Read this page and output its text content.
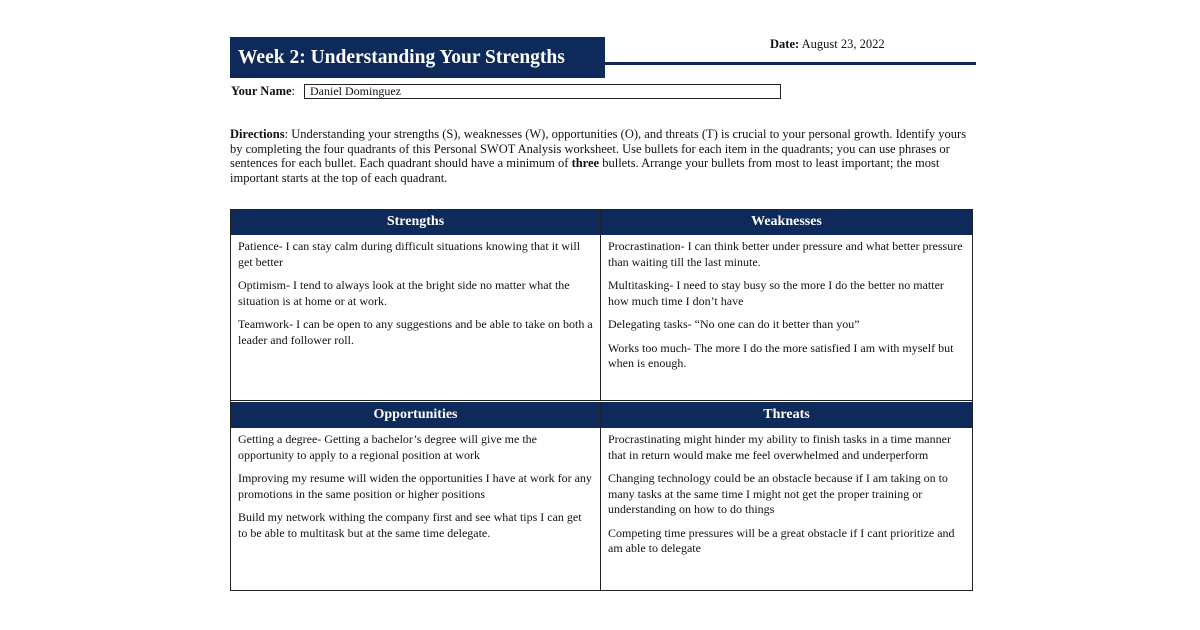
Week 2: Understanding Your Strengths
Date: August 23, 2022
Your Name:	Daniel Dominguez
Directions: Understanding your strengths (S), weaknesses (W), opportunities (O), and threats (T) is crucial to your personal growth. Identify yours by completing the four quadrants of this Personal SWOT Analysis worksheet. Use bullets for each item in the quadrants; you can use phrases or sentences for each bullet. Each quadrant should have a minimum of three bullets. Arrange your bullets from most to least important; the most important starts at the top of each quadrant.
Strengths

Patience- I can stay calm during difficult situations knowing that it will get better

Optimism- I tend to always look at the bright side no matter what the situation is at home or at work.

Teamwork- I can be open to any suggestions and be able to take on both a leader and follower roll.

Weaknesses

Procrastination- I can think better under pressure and what better pressure than waiting till the last minute.

Multitasking- I need to stay busy so the more I do the better no matter how much time I don’t have

Delegating tasks- “No one can do it better than you”

Works too much- The more I do the more satisfied I am with myself but when is enough.

Opportunities

Getting a degree- Getting a bachelor’s degree will give me the opportunity to apply to a regional position at work

Improving my resume will widen the opportunities I have at work for any promotions in the same position or higher positions

Build my network withing the company first and see what tips I can get to be able to multitask but at the same time delegate.

Threats

Procrastinating might hinder my ability to finish tasks in a time manner that in return would make me feel overwhelmed and underperform

Changing technology could be an obstacle because if I am taking on to many tasks at the same time I might not get the proper training or understanding on how to do things

Competing time pressures will be a great obstacle if I cant prioritize and am able to delegate
